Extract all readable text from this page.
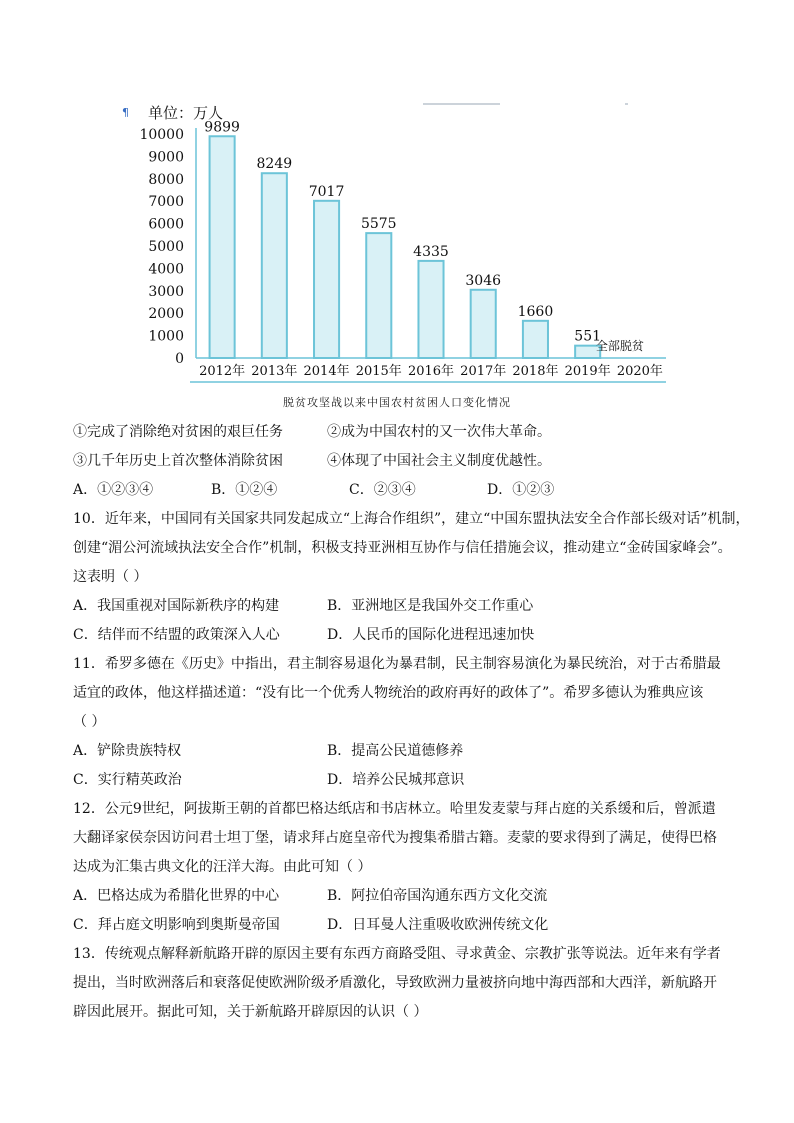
¶ 单位：万人
0
1000
2000
3000
4000
5000
6000
7000
8000
9000
10000 9899
2012年
8249
2013年
7017
2014年
5575
2015年
4335
2016年
3046
2017年
1660
2018年
551
2019年
全部脱贫
2020年
脱贫攻坚战以来中国农村贫困人口变化情况
①完成了消除绝对贫困的艰巨任务	②成为中国农村的又一次伟大革命。
③几千年历史上首次整体消除贫困	④体现了中国社会主义制度优越性。
A．①②③④	B．①②④	C．②③④	D．①②③
10．近年来，中国同有关国家共同发起成立“上海合作组织”，建立“中国东盟执法安全合作部长级对话”机制，
创建“湄公河流域执法安全合作”机制，积极支持亚洲相互协作与信任措施会议，推动建立“金砖国家峰会”。
这表明（ ）
A．我国重视对国际新秩序的构建	B．亚洲地区是我国外交工作重心
C．结伴而不结盟的政策深入人心	D．人民币的国际化进程迅速加快
11．希罗多德在《历史》中指出，君主制容易退化为暴君制，民主制容易演化为暴民统治，对于古希腊最
适宜的政体，他这样描述道：“没有比一个优秀人物统治的政府再好的政体了”。希罗多德认为雅典应该
（ ）
A．铲除贵族特权	B．提高公民道德修养
C．实行精英政治	D．培养公民城邦意识
12．公元9世纪，阿拔斯王朝的首都巴格达纸店和书店林立。哈里发麦蒙与拜占庭的关系缓和后，曾派遣
大翻译家侯奈因访问君士坦丁堡，请求拜占庭皇帝代为搜集希腊古籍。麦蒙的要求得到了满足，使得巴格
达成为汇集古典文化的汪洋大海。由此可知（ ）
A．巴格达成为希腊化世界的中心	B．阿拉伯帝国沟通东西方文化交流
C．拜占庭文明影响到奥斯曼帝国	D．日耳曼人注重吸收欧洲传统文化
13．传统观点解释新航路开辟的原因主要有东西方商路受阻、寻求黄金、宗教扩张等说法。近年来有学者
提出，当时欧洲落后和衰落促使欧洲阶级矛盾激化，导致欧洲力量被挤向地中海西部和大西洋，新航路开
辟因此展开。据此可知，关于新航路开辟原因的认识（ ）
